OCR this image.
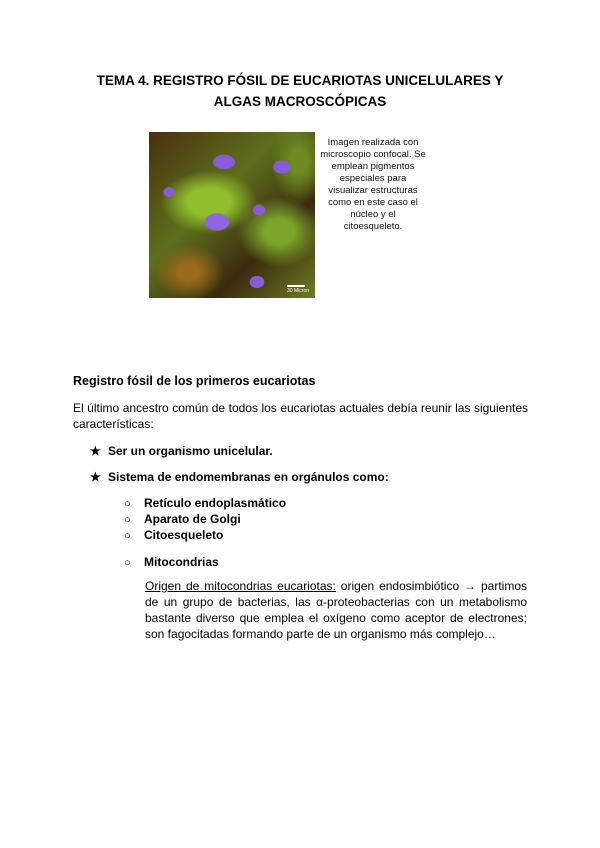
TEMA 4. REGISTRO FÓSIL DE EUCARIOTAS UNICELULARES Y
ALGAS MACROSCÓPICAS
30 Micron
Imagen realizada con microscopio confocal. Se emplean pigmentos especiales para visualizar estructuras como en este caso el núcleo y el citoesqueleto.
Registro fósil de los primeros eucariotas
El último ancestro común de todos los eucariotas actuales debía reunir las siguientes características:
★ Ser un organismo unicelular.
★ Sistema de endomembranas en orgánulos como:
○ Retículo endoplasmático
○ Aparato de Golgi
○ Citoesqueleto
○ Mitocondrias
Origen de mitocondrias eucariotas: origen endosimbiótico → partimos de un grupo de bacterias, las α-proteobacterias con un metabolismo bastante diverso que emplea el oxígeno como aceptor de electrones; son fagocitadas formando parte de un organismo más complejo…
